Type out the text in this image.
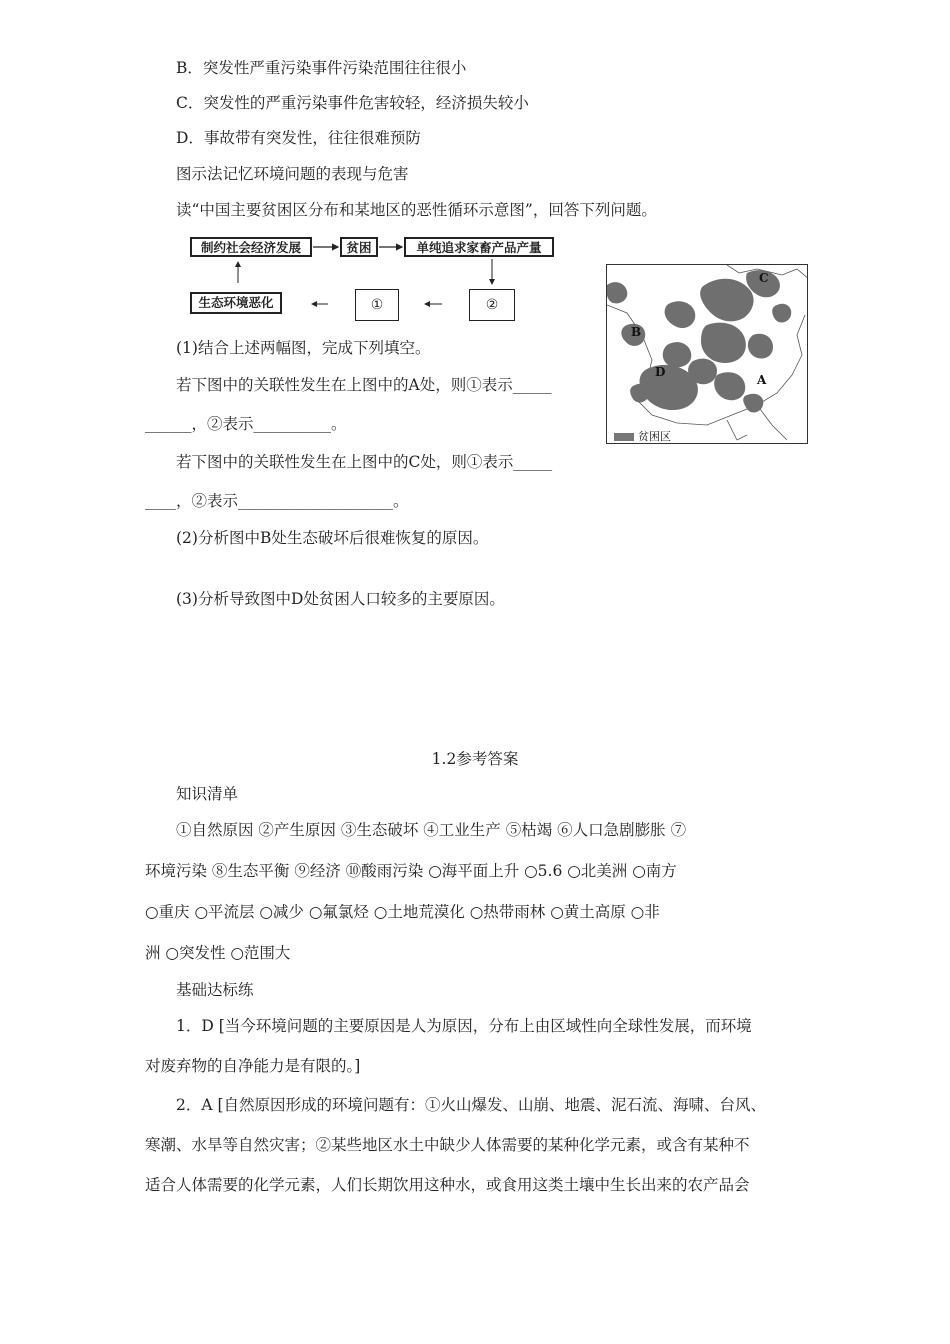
B．突发性严重污染事件污染范围往往很小
C．突发性的严重污染事件危害较轻，经济损失较小
D．事故带有突发性，往往很难预防
图示法记忆环境问题的表现与危害
读“中国主要贫困区分布和某地区的恶性循环示意图”，回答下列问题。
制约社会经济发展	贫困	单纯追求家畜产品产量
生态环境恶化	①	②
C
B
D
A
贫困区
(1)结合上述两幅图，完成下列填空。
若下图中的关联性发生在上图中的A处，则①表示_____
______，②表示__________。
若下图中的关联性发生在上图中的C处，则①表示_____
____，②表示____________________。
(2)分析图中B处生态破坏后很难恢复的原因。
(3)分析导致图中D处贫困人口较多的主要原因。
1.2参考答案
知识清单
①自然原因 ②产生原因 ③生态破坏 ④工业生产 ⑤枯竭 ⑥人口急剧膨胀 ⑦
环境污染 ⑧生态平衡 ⑨经济 ⑩酸雨污染 ○海平面上升 ○5.6 ○北美洲 ○南方
○重庆 ○平流层 ○减少 ○氟氯烃 ○土地荒漠化 ○热带雨林 ○黄土高原 ○非
洲 ○突发性 ○范围大
基础达标练
1．D [当今环境问题的主要原因是人为原因，分布上由区域性向全球性发展，而环境
对废弃物的自净能力是有限的。]
2．A [自然原因形成的环境问题有：①火山爆发、山崩、地震、泥石流、海啸、台风、
寒潮、水旱等自然灾害；②某些地区水土中缺少人体需要的某种化学元素，或含有某种不
适合人体需要的化学元素，人们长期饮用这种水，或食用这类土壤中生长出来的农产品会
